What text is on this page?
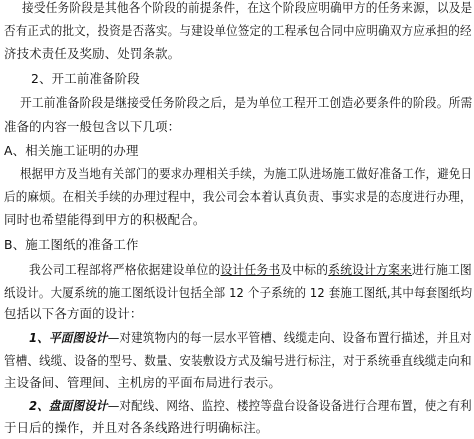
接受任务阶段是其他各个阶段的前提条件，在这个阶段应明确甲方的任务来源，以及是
否有正式的批文，投资是否落实。与建设单位签定的工程承包合同中应明确双方应承担的经
济技术责任及奖励、处罚条款。
2、开工前准备阶段
开工前准备阶段是继接受任务阶段之后，是为单位工程开工创造必要条件的阶段。所需
准备的内容一般包含以下几项：
A、相关施工证明的办理
根据甲方及当地有关部门的要求办理相关手续，为施工队进场施工做好准备工作，避免日
后的麻烦。在相关手续的办理过程中，我公司会本着认真负责、事实求是的态度进行办理，
同时也希望能得到甲方的积极配合。
B、施工图纸的准备工作
我公司工程部将严格依据建设单位的设计任务书及中标的系统设计方案来进行施工图
纸设计。大厦系统的施工图纸设计包括全部 12 个子系统的 12 套施工图纸,其中每套图纸均
包括以下各方面的设计：
1、平面图设计—对建筑物内的每一层水平管槽、线缆走向、设备布置行描述，并且对
管槽、线缆、设备的型号、数量、安装敷设方式及编号进行标注，对于系统垂直线缆走向和
主设备间、管理间、主机房的平面布局进行表示。
2、盘面图设计—对配线、网络、监控、楼控等盘台设备设备进行合理布置，使之有利
于日后的操作，并且对各条线路进行明确标注。
